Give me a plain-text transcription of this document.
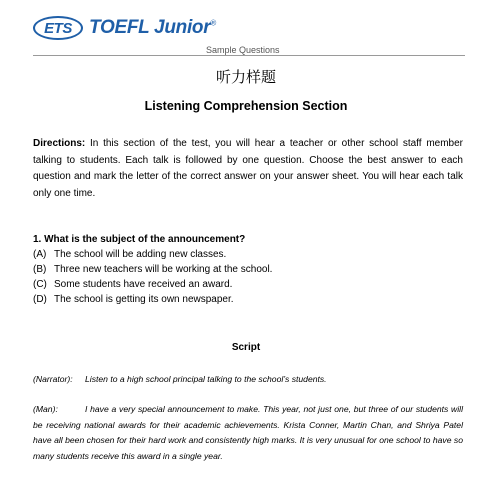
ETS TOEFL Junior®
Sample Questions
听力样题
Listening Comprehension Section
Directions: In this section of the test, you will hear a teacher or other school staff member talking to students. Each talk is followed by one question. Choose the best answer to each question and mark the letter of the correct answer on your answer sheet. You will hear each talk only one time.
1. What is the subject of the announcement?
(A) The school will be adding new classes.
(B) Three new teachers will be working at the school.
(C) Some students have received an award.
(D) The school is getting its own newspaper.
Script
(Narrator): Listen to a high school principal talking to the school’s students.
(Man):	I have a very special announcement to make. This year, not just one, but three of our students will be receiving national awards for their academic achievements. Krista Conner, Martin Chan, and Shriya Patel have all been chosen for their hard work and consistently high marks. It is very unusual for one school to have so many students receive this award in a single year.
